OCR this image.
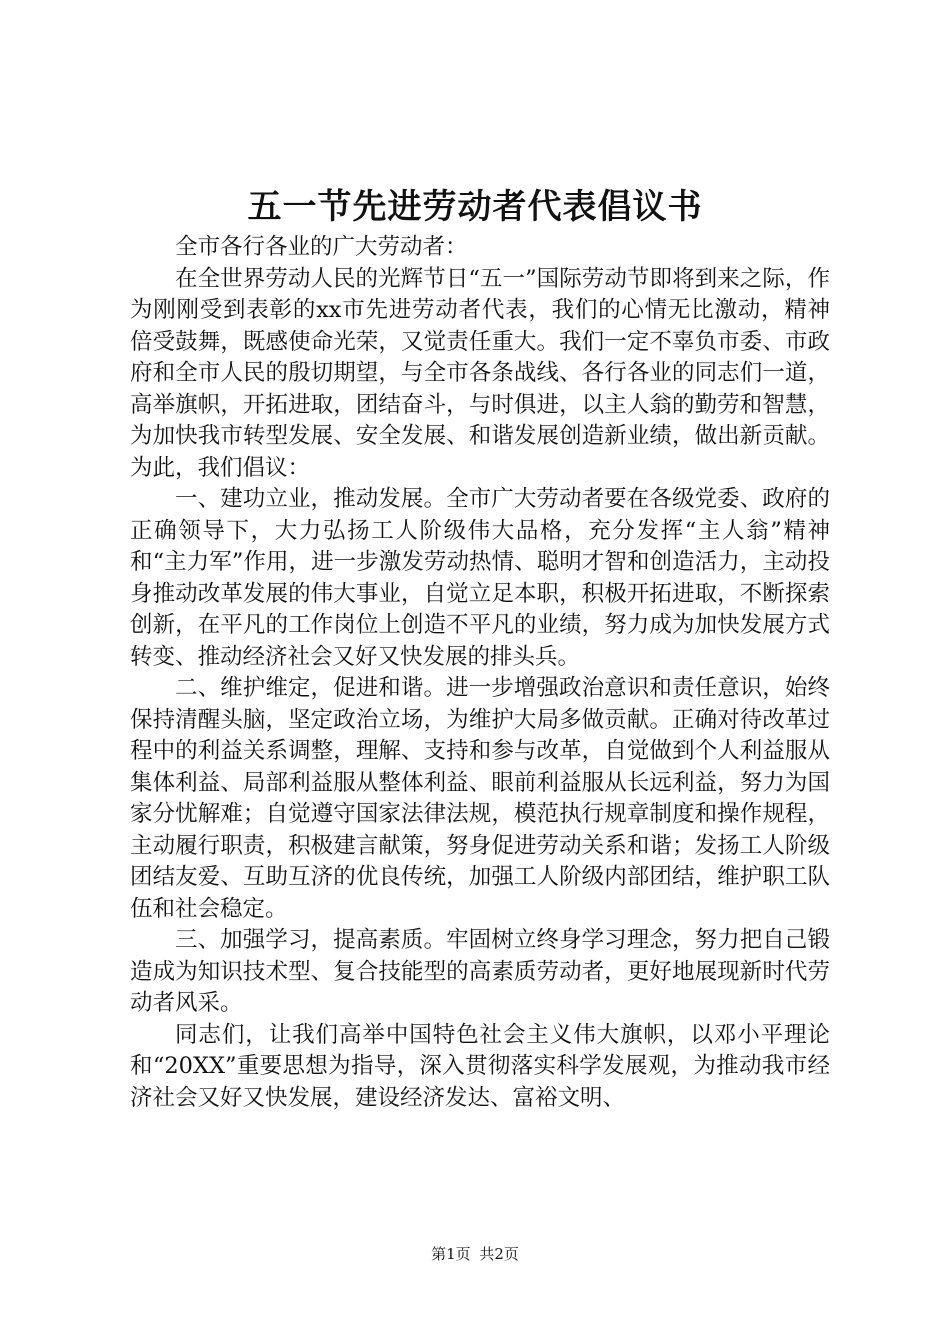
五一节先进劳动者代表倡议书

全市各行各业的广大劳动者：

在全世界劳动人民的光辉节日“五一”国际劳动节即将到来之际，作为刚刚受到表彰的xx市先进劳动者代表，我们的心情无比激动，精神倍受鼓舞，既感使命光荣，又觉责任重大。我们一定不辜负市委、市政府和全市人民的殷切期望，与全市各条战线、各行各业的同志们一道，高举旗帜，开拓进取，团结奋斗，与时俱进，以主人翁的勤劳和智慧，为加快我市转型发展、安全发展、和谐发展创造新业绩，做出新贡献。为此，我们倡议：

一、建功立业，推动发展。全市广大劳动者要在各级党委、政府的正确领导下，大力弘扬工人阶级伟大品格，充分发挥“主人翁”精神和“主力军”作用，进一步激发劳动热情、聪明才智和创造活力，主动投身推动改革发展的伟大事业，自觉立足本职，积极开拓进取，不断探索创新，在平凡的工作岗位上创造不平凡的业绩，努力成为加快发展方式转变、推动经济社会又好又快发展的排头兵。

二、维护维定，促进和谐。进一步增强政治意识和责任意识，始终保持清醒头脑，坚定政治立场，为维护大局多做贡献。正确对待改革过程中的利益关系调整，理解、支持和参与改革，自觉做到个人利益服从集体利益、局部利益服从整体利益、眼前利益服从长远利益，努力为国家分忧解难；自觉遵守国家法律法规，模范执行规章制度和操作规程，主动履行职责，积极建言献策，努身促进劳动关系和谐；发扬工人阶级团结友爱、互助互济的优良传统，加强工人阶级内部团结，维护职工队伍和社会稳定。

三、加强学习，提高素质。牢固树立终身学习理念，努力把自己锻造成为知识技术型、复合技能型的高素质劳动者，更好地展现新时代劳动者风采。

同志们，让我们高举中国特色社会主义伟大旗帜，以邓小平理论和“20XX”重要思想为指导，深入贯彻落实科学发展观，为推动我市经济社会又好又快发展，建设经济发达、富裕文明、

第1页 共2页
